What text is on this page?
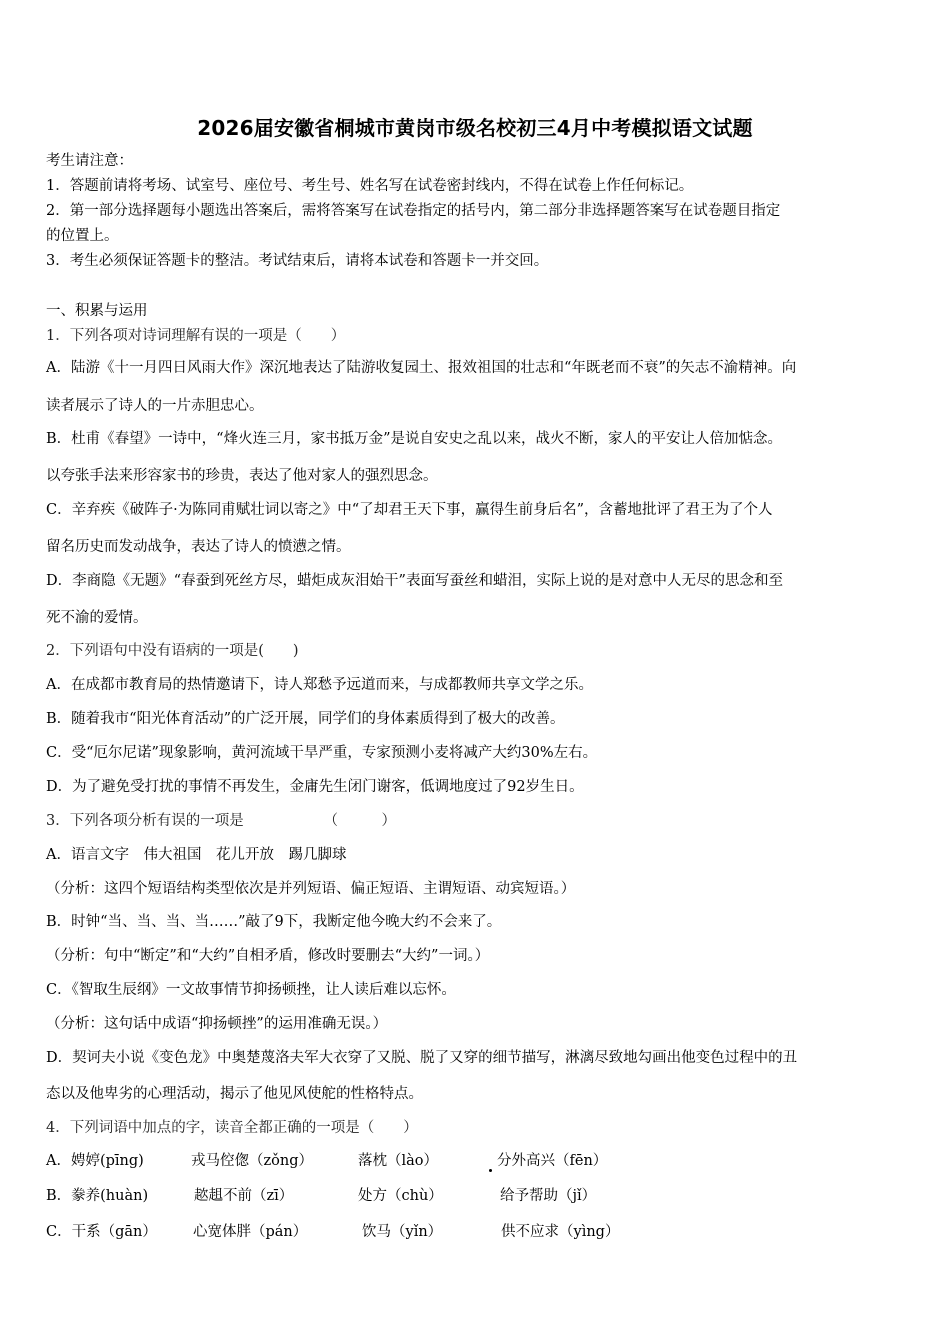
2026届安徽省桐城市黄岗市级名校初三4月中考模拟语文试题

考生请注意：

1．答题前请将考场、试室号、座位号、考生号、姓名写在试卷密封线内，不得在试卷上作任何标记。

2．第一部分选择题每小题选出答案后，需将答案写在试卷指定的括号内，第二部分非选择题答案写在试卷题目指定

的位置上。

3．考生必须保证答题卡的整洁。考试结束后，请将本试卷和答题卡一并交回。

一、积累与运用

1．下列各项对诗词理解有误的一项是（　　）

A．陆游《十一月四日风雨大作》深沉地表达了陆游收复园土、报效祖国的壮志和“年既老而不衰”的矢志不渝精神。向

读者展示了诗人的一片赤胆忠心。

B．杜甫《春望》一诗中，“烽火连三月，家书抵万金”是说自安史之乱以来，战火不断，家人的平安让人倍加惦念。

以夸张手法来形容家书的珍贵，表达了他对家人的强烈思念。

C．辛弃疾《破阵子·为陈同甫赋壮词以寄之》中“了却君王天下事，赢得生前身后名”，含蓄地批评了君王为了个人

留名历史而发动战争，表达了诗人的愤懑之情。

D．李商隐《无题》“春蚕到死丝方尽，蜡炬成灰泪始干”表面写蚕丝和蜡泪，实际上说的是对意中人无尽的思念和至

死不渝的爱情。

2．下列语句中没有语病的一项是(　　)

A．在成都市教育局的热情邀请下，诗人郑愁予远道而来，与成都教师共享文学之乐。

B．随着我市“阳光体育活动”的广泛开展，同学们的身体素质得到了极大的改善。

C．受“厄尔尼诺”现象影响，黄河流域干旱严重，专家预测小麦将减产大约30%左右。

D．为了避免受打扰的事情不再发生，金庸先生闭门谢客，低调地度过了92岁生日。

3．下列各项分析有误的一项是　　　　　　（　　　）

A．语言文字　伟大祖国　花儿开放　踢几脚球

（分析：这四个短语结构类型依次是并列短语、偏正短语、主谓短语、动宾短语。）

B．时钟“当、当、当、当……”敲了9下，我断定他今晚大约不会来了。

（分析：句中“断定”和“大约”自相矛盾，修改时要删去“大约”一词。）

C．《智取生辰纲》一文故事情节抑扬顿挫，让人读后难以忘怀。

（分析：这句话中成语“抑扬顿挫”的运用准确无误。）

D．契诃夫小说《变色龙》中奥楚蔑洛夫军大衣穿了又脱、脱了又穿的细节描写，淋漓尽致地勾画出他变色过程中的丑

态以及他卑劣的心理活动，揭示了他见风使舵的性格特点。

4．下列词语中加点的字，读音全都正确的一项是（　　）

A．娉婷(pīng)	戎马倥偬（zǒng）	落枕（lào）	分外高兴（fēn）
B．豢养(huàn)	趑趄不前（zī）	处方（chù）	给予帮助（jǐ）
C．干系（gān） 心宽体胖（pán）	饮马（yǐn）	供不应求（yìng）
